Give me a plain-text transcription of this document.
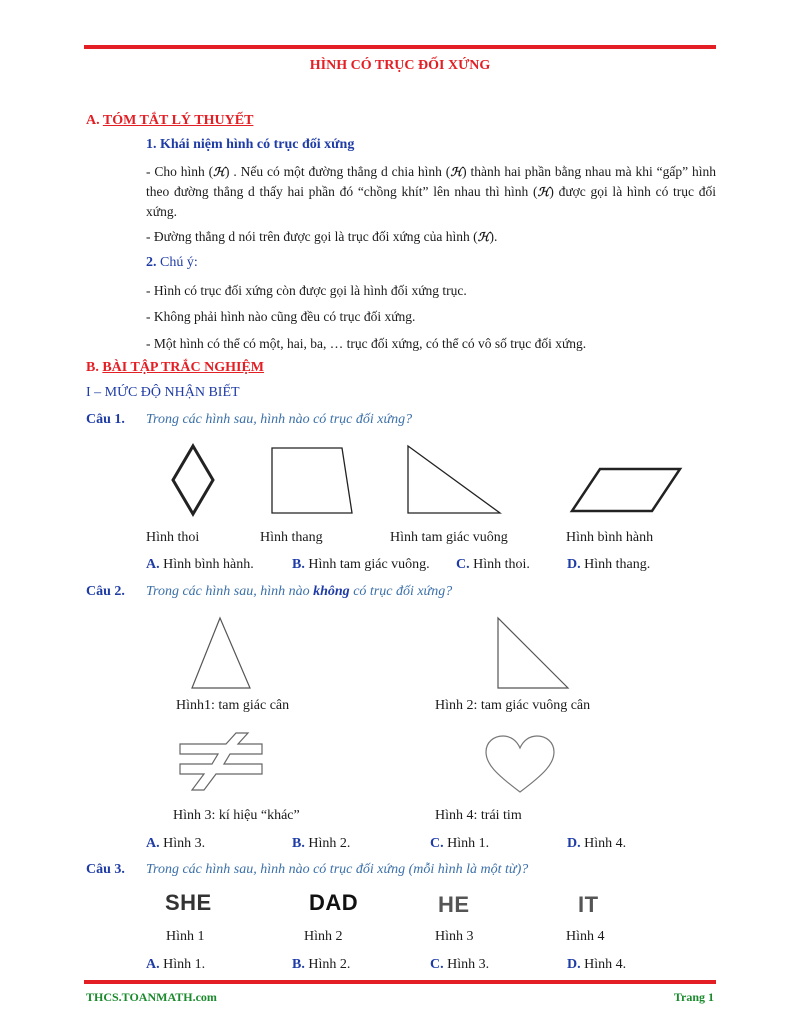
HÌNH CÓ TRỤC ĐỐI XỨNG
A. TÓM TẮT LÝ THUYẾT
1. Khái niệm hình có trục đối xứng
- Cho hình (ℋ) . Nếu có một đường thẳng d chia hình (ℋ) thành hai phần bằng nhau mà khi “gấp” hình theo đường thẳng d thấy hai phần đó “chồng khít” lên nhau thì hình (ℋ) được gọi là hình có trục đối xứng.
- Đường thẳng d nói trên được gọi là trục đối xứng của hình (ℋ).
2. Chú ý:
- Hình có trục đối xứng còn được gọi là hình đối xứng trục.
- Không phải hình nào cũng đều có trục đối xứng.
- Một hình có thể có một, hai, ba, … trục đối xứng, có thể có vô số trục đối xứng.
B. BÀI TẬP TRẮC NGHIỆM
I – MỨC ĐỘ NHẬN BIẾT
Câu 1. Trong các hình sau, hình nào có trục đối xứng?
Hình thoi	Hình thang	Hình tam giác vuông	Hình bình hành
A. Hình bình hành.	B. Hình tam giác vuông. C. Hình thoi.	D. Hình thang.
Câu 2. Trong các hình sau, hình nào không có trục đối xứng?
Hình1: tam giác cân	Hình 2: tam giác vuông cân
Hình 3: kí hiệu “khác”	Hình 4: trái tim
A. Hình 3.	B. Hình 2.	C. Hình 1.	D. Hình 4.
Câu 3. Trong các hình sau, hình nào có trục đối xứng (mỗi hình là một từ)?
SHE	DAD	HE	IT
Hình 1	Hình 2	Hình 3	Hình 4
A. Hình 1.	B. Hình 2.	C. Hình 3.	D. Hình 4.
THCS.TOANMATH.com	Trang 1
